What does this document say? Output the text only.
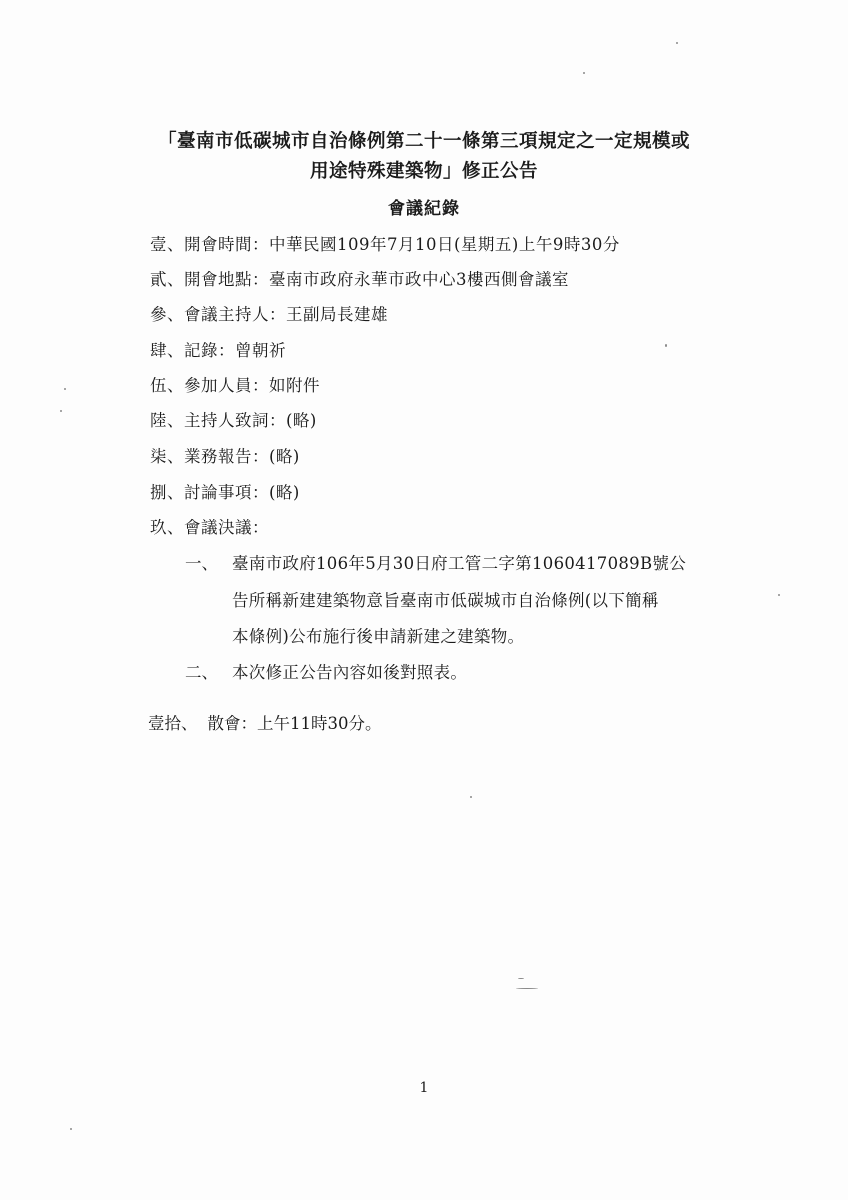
「臺南市低碳城市自治條例第二十一條第三項規定之一定規模或
用途特殊建築物」修正公告
會議紀錄
壹、開會時間：中華民國109年7月10日(星期五)上午9時30分
貳、開會地點：臺南市政府永華市政中心3樓西側會議室
參、會議主持人：王副局長建雄
肆、記錄：曾朝祈
伍、參加人員：如附件
陸、主持人致詞：(略)
柒、業務報告：(略)
捌、討論事項：(略)
玖、會議決議：
一、 臺南市政府106年5月30日府工管二字第1060417089B號公
告所稱新建建築物意旨臺南市低碳城市自治條例(以下簡稱
本條例)公布施行後申請新建之建築物。
二、 本次修正公告內容如後對照表。
壹拾、 散會：上午11時30分。
1
